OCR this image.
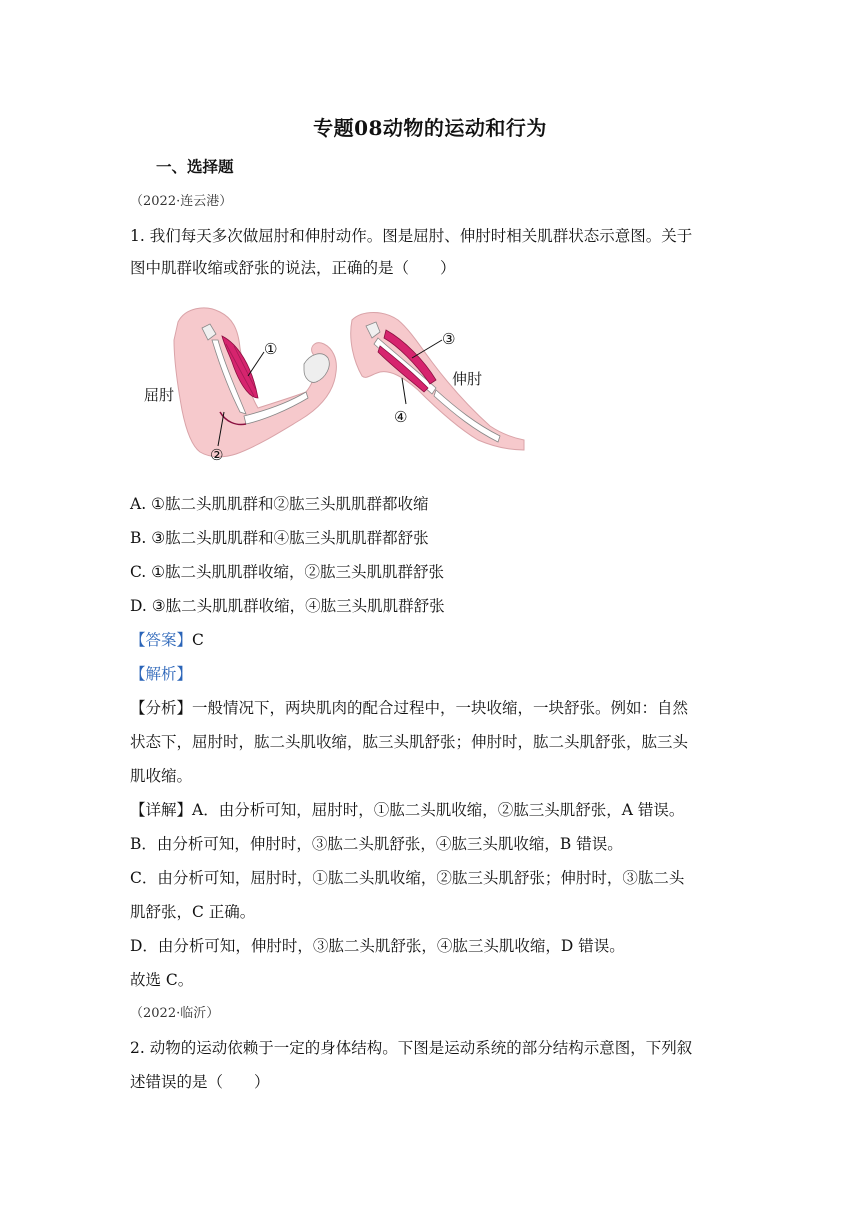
专题08动物的运动和行为
一、选择题
（2022·连云港）
1. 我们每天多次做屈肘和伸肘动作。图是屈肘、伸肘时相关肌群状态示意图。关于
图中肌群收缩或舒张的说法，正确的是（　　）
①
②
屈肘
③
④
伸肘
A. ①肱二头肌肌群和②肱三头肌肌群都收缩
B. ③肱二头肌肌群和④肱三头肌肌群都舒张
C. ①肱二头肌肌群收缩，②肱三头肌肌群舒张
D. ③肱二头肌肌群收缩，④肱三头肌肌群舒张
【答案】C
【解析】
【分析】一般情况下，两块肌肉的配合过程中，一块收缩，一块舒张。例如：自然
状态下，屈肘时，肱二头肌收缩，肱三头肌舒张；伸肘时，肱二头肌舒张，肱三头
肌收缩。
【详解】A．由分析可知，屈肘时，①肱二头肌收缩，②肱三头肌舒张，A 错误。
B．由分析可知，伸肘时，③肱二头肌舒张，④肱三头肌收缩，B 错误。
C．由分析可知，屈肘时，①肱二头肌收缩，②肱三头肌舒张；伸肘时，③肱二头
肌舒张，C 正确。
D．由分析可知，伸肘时，③肱二头肌舒张，④肱三头肌收缩，D 错误。
故选 C。
（2022·临沂）
2. 动物的运动依赖于一定的身体结构。下图是运动系统的部分结构示意图，下列叙
述错误的是（　　）
